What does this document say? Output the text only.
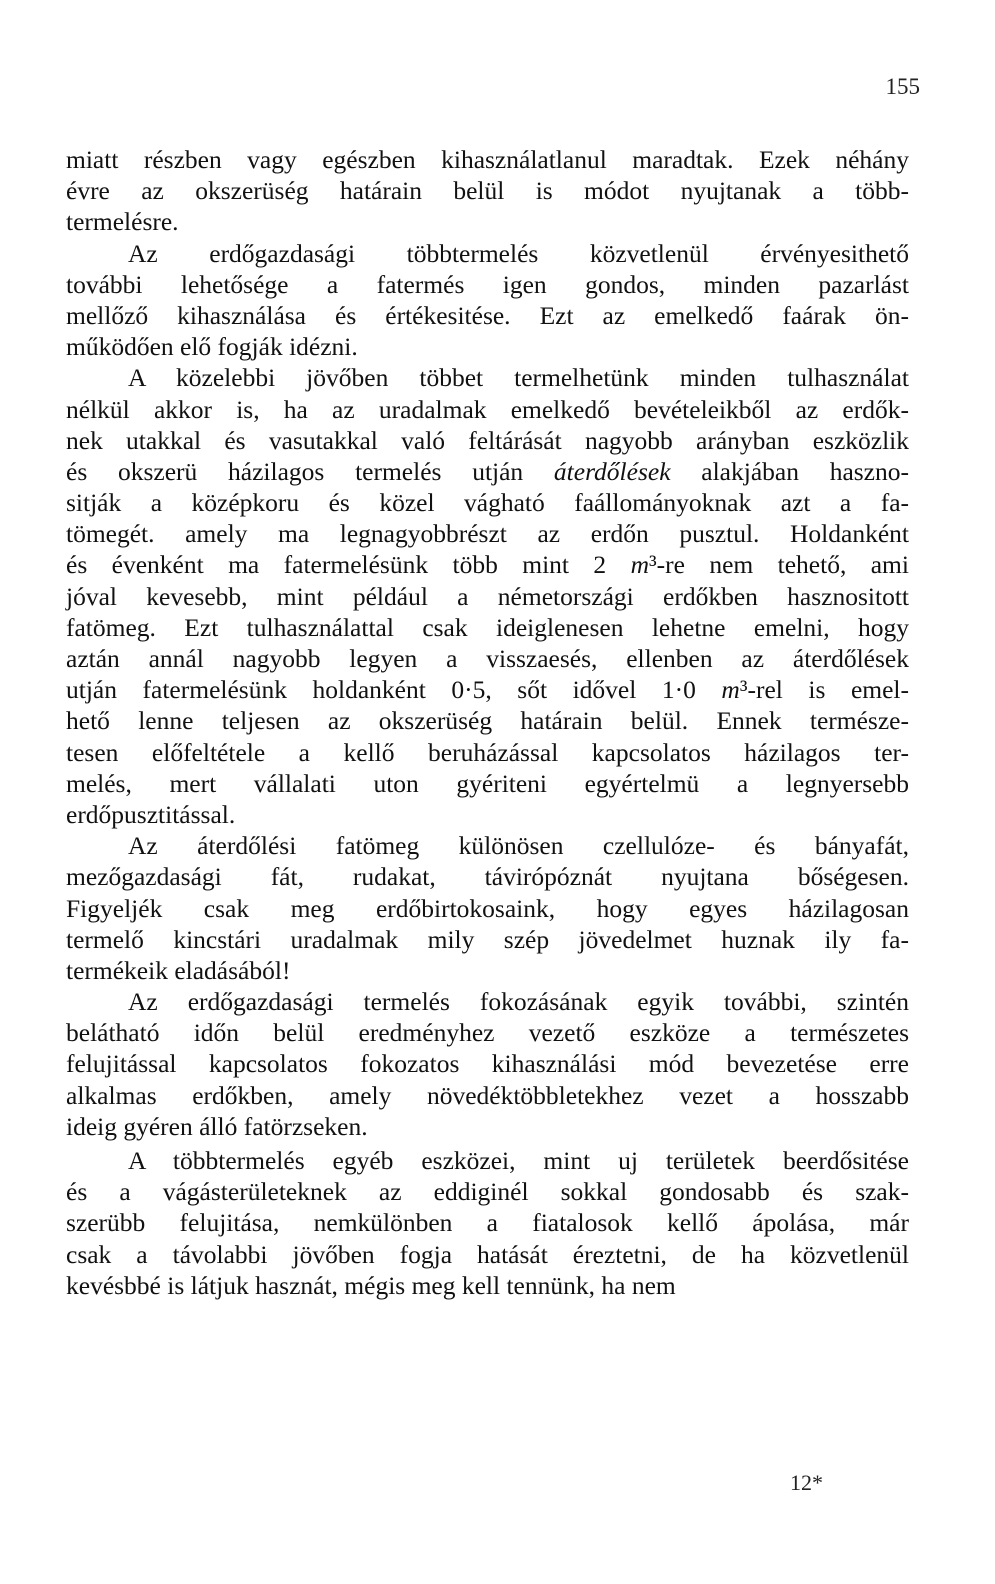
155
miatt részben vagy egészben kihasználatlanul maradtak. Ezek néhány
évre az okszerüség határain belül is módot nyujtanak a több-
termelésre.
Az erdőgazdasági többtermelés közvetlenül érvényesithető
további lehetősége a fatermés igen gondos, minden pazarlást
mellőző kihasználása és értékesitése. Ezt az emelkedő faárak ön-
működően elő fogják idézni.
A közelebbi jövőben többet termelhetünk minden tulhasználat
nélkül akkor is, ha az uradalmak emelkedő bevételeikből az erdők-
nek utakkal és vasutakkal való feltárását nagyobb arányban eszközlik
és okszerü házilagos termelés utján áterdőlések alakjában haszno-
sitják a középkoru és közel vágható faállományoknak azt a fa-
tömegét. amely ma legnagyobbrészt az erdőn pusztul. Holdanként
és évenként ma fatermelésünk több mint 2 m³-re nem tehető, ami
jóval kevesebb, mint például a németországi erdőkben hasznositott
fatömeg. Ezt tulhasználattal csak ideiglenesen lehetne emelni, hogy
aztán annál nagyobb legyen a visszaesés, ellenben az áterdőlések
utján fatermelésünk holdanként 0·5, sőt idővel 1·0 m³-rel is emel-
hető lenne teljesen az okszerüség határain belül. Ennek természe-
tesen előfeltétele a kellő beruházással kapcsolatos házilagos ter-
melés, mert vállalati uton gyériteni egyértelmü a legnyersebb
erdőpusztitással.
Az áterdőlési fatömeg különösen czellulóze- és bányafát,
mezőgazdasági fát, rudakat, távirópóznát nyujtana bőségesen.
Figyeljék csak meg erdőbirtokosaink, hogy egyes házilagosan
termelő kincstári uradalmak mily szép jövedelmet huznak ily fa-
termékeik eladásából!
Az erdőgazdasági termelés fokozásának egyik további, szintén
belátható időn belül eredményhez vezető eszköze a természetes
felujitással kapcsolatos fokozatos kihasználási mód bevezetése erre
alkalmas erdőkben, amely növedéktöbbletekhez vezet a hosszabb
ideig gyéren álló fatörzseken.
A többtermelés egyéb eszközei, mint uj területek beerdősitése
és a vágásterületeknek az eddiginél sokkal gondosabb és szak-
szerübb felujitása, nemkülönben a fiatalosok kellő ápolása, már
csak a távolabbi jövőben fogja hatását éreztetni, de ha közvetlenül
kevésbbé is látjuk hasznát, mégis meg kell tennünk, ha nem
12*
